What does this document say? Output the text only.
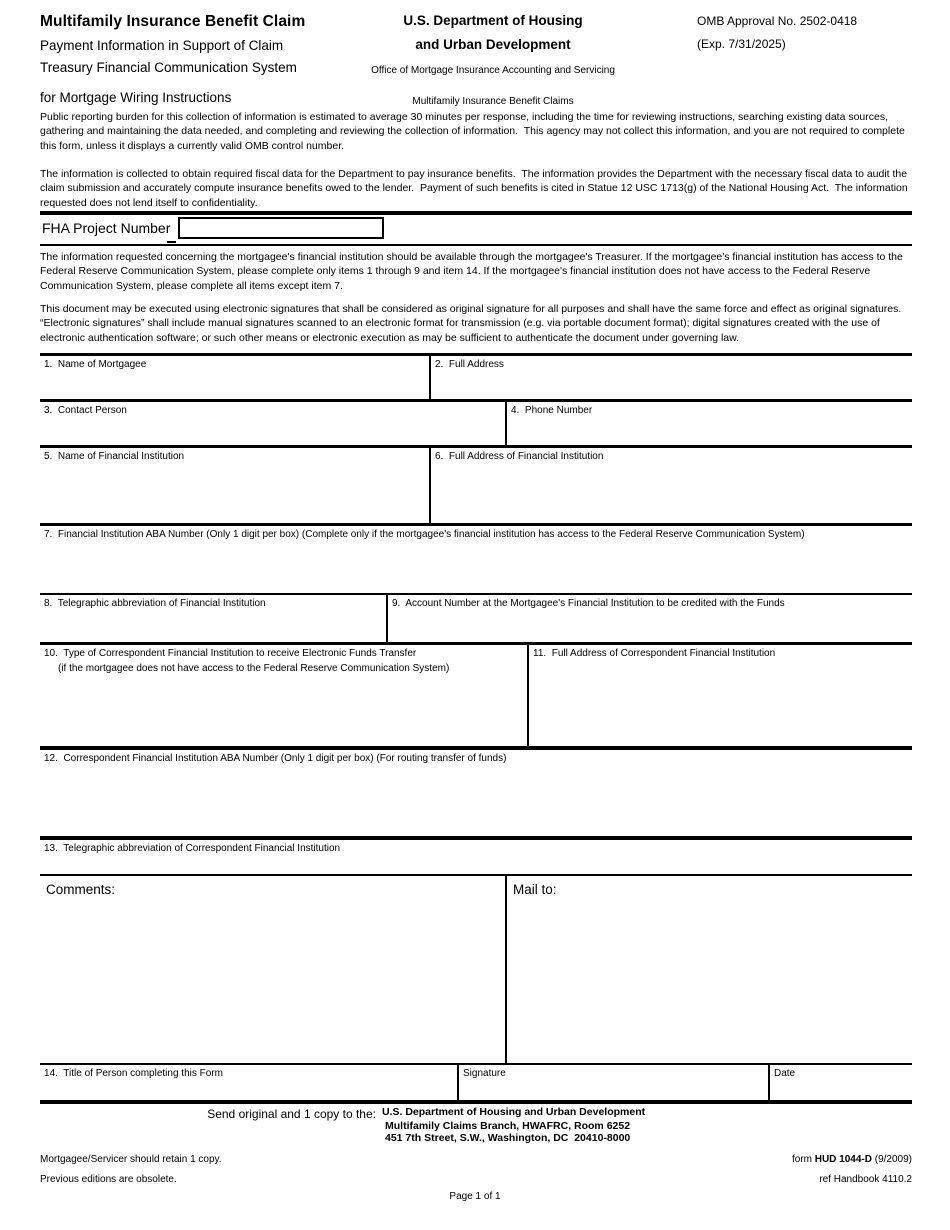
Multifamily Insurance Benefit Claim
Payment Information in Support of Claim
Treasury Financial Communication System
for Mortgage Wiring Instructions
U.S. Department of Housing
and Urban Development
Office of Mortgage Insurance Accounting and Servicing
Multifamily Insurance Benefit Claims
OMB Approval No. 2502-0418
(Exp. 7/31/2025)
Public reporting burden for this collection of information is estimated to average 30 minutes per response, including the time for reviewing instructions, searching existing data sources, gathering and maintaining the data needed, and completing and reviewing the collection of information.  This agency may not collect this information, and you are not required to complete this form, unless it displays a currently valid OMB control number.
The information is collected to obtain required fiscal data for the Department to pay insurance benefits.  The information provides the Department with the necessary fiscal data to audit the claim submission and accurately compute insurance benefits owed to the lender.  Payment of such benefits is cited in Statue 12 USC 1713(g) of the National Housing Act.  The information requested does not lend itself to confidentiality.
FHA Project Number
The information requested concerning the mortgagee's financial institution should be available through the mortgagee's Treasurer. If the mortgagee's financial institution has access to the Federal Reserve Communication System, please complete only items 1 through 9 and item 14. If the mortgagee's financial institution does not have access to the Federal Reserve Communication System, please complete all items except item 7.
This document may be executed using electronic signatures that shall be considered as original signature for all purposes and shall have the same force and effect as original signatures. “Electronic signatures” shall include manual signatures scanned to an electronic format for transmission (e.g. via portable document format); digital signatures created with the use of electronic authentication software; or such other means or electronic execution as may be sufficient to authenticate the document under governing law.
1.  Name of Mortgagee	2.  Full Address
3.  Contact Person	4.  Phone Number
5.  Name of Financial Institution	6.  Full Address of Financial Institution
7.  Financial Institution ABA Number (Only 1 digit per box) (Complete only if the mortgagee's financial institution has access to the Federal Reserve Communication System)
8.  Telegraphic abbreviation of Financial Institution	9.  Account Number at the Mortgagee's Financial Institution to be credited with the Funds
10.  Type of Correspondent Financial Institution to receive Electronic Funds Transfer
(if the mortgagee does not have access to the Federal Reserve Communication System)
11.  Full Address of Correspondent Financial Institution
12.  Correspondent Financial Institution ABA Number (Only 1 digit per box) (For routing transfer of funds)
13.  Telegraphic abbreviation of Correspondent Financial Institution
Comments:	Mail to:
14.  Title of Person completing this Form	Signature	Date
Send original and 1 copy to the: U.S. Department of Housing and Urban Development
Multifamily Claims Branch, HWAFRC, Room 6252
451 7th Street, S.W., Washington, DC  20410-8000
Mortgagee/Servicer should retain 1 copy.	form HUD 1044-D (9/2009)
Previous editions are obsolete.	ref Handbook 4110.2
Page 1 of 1
